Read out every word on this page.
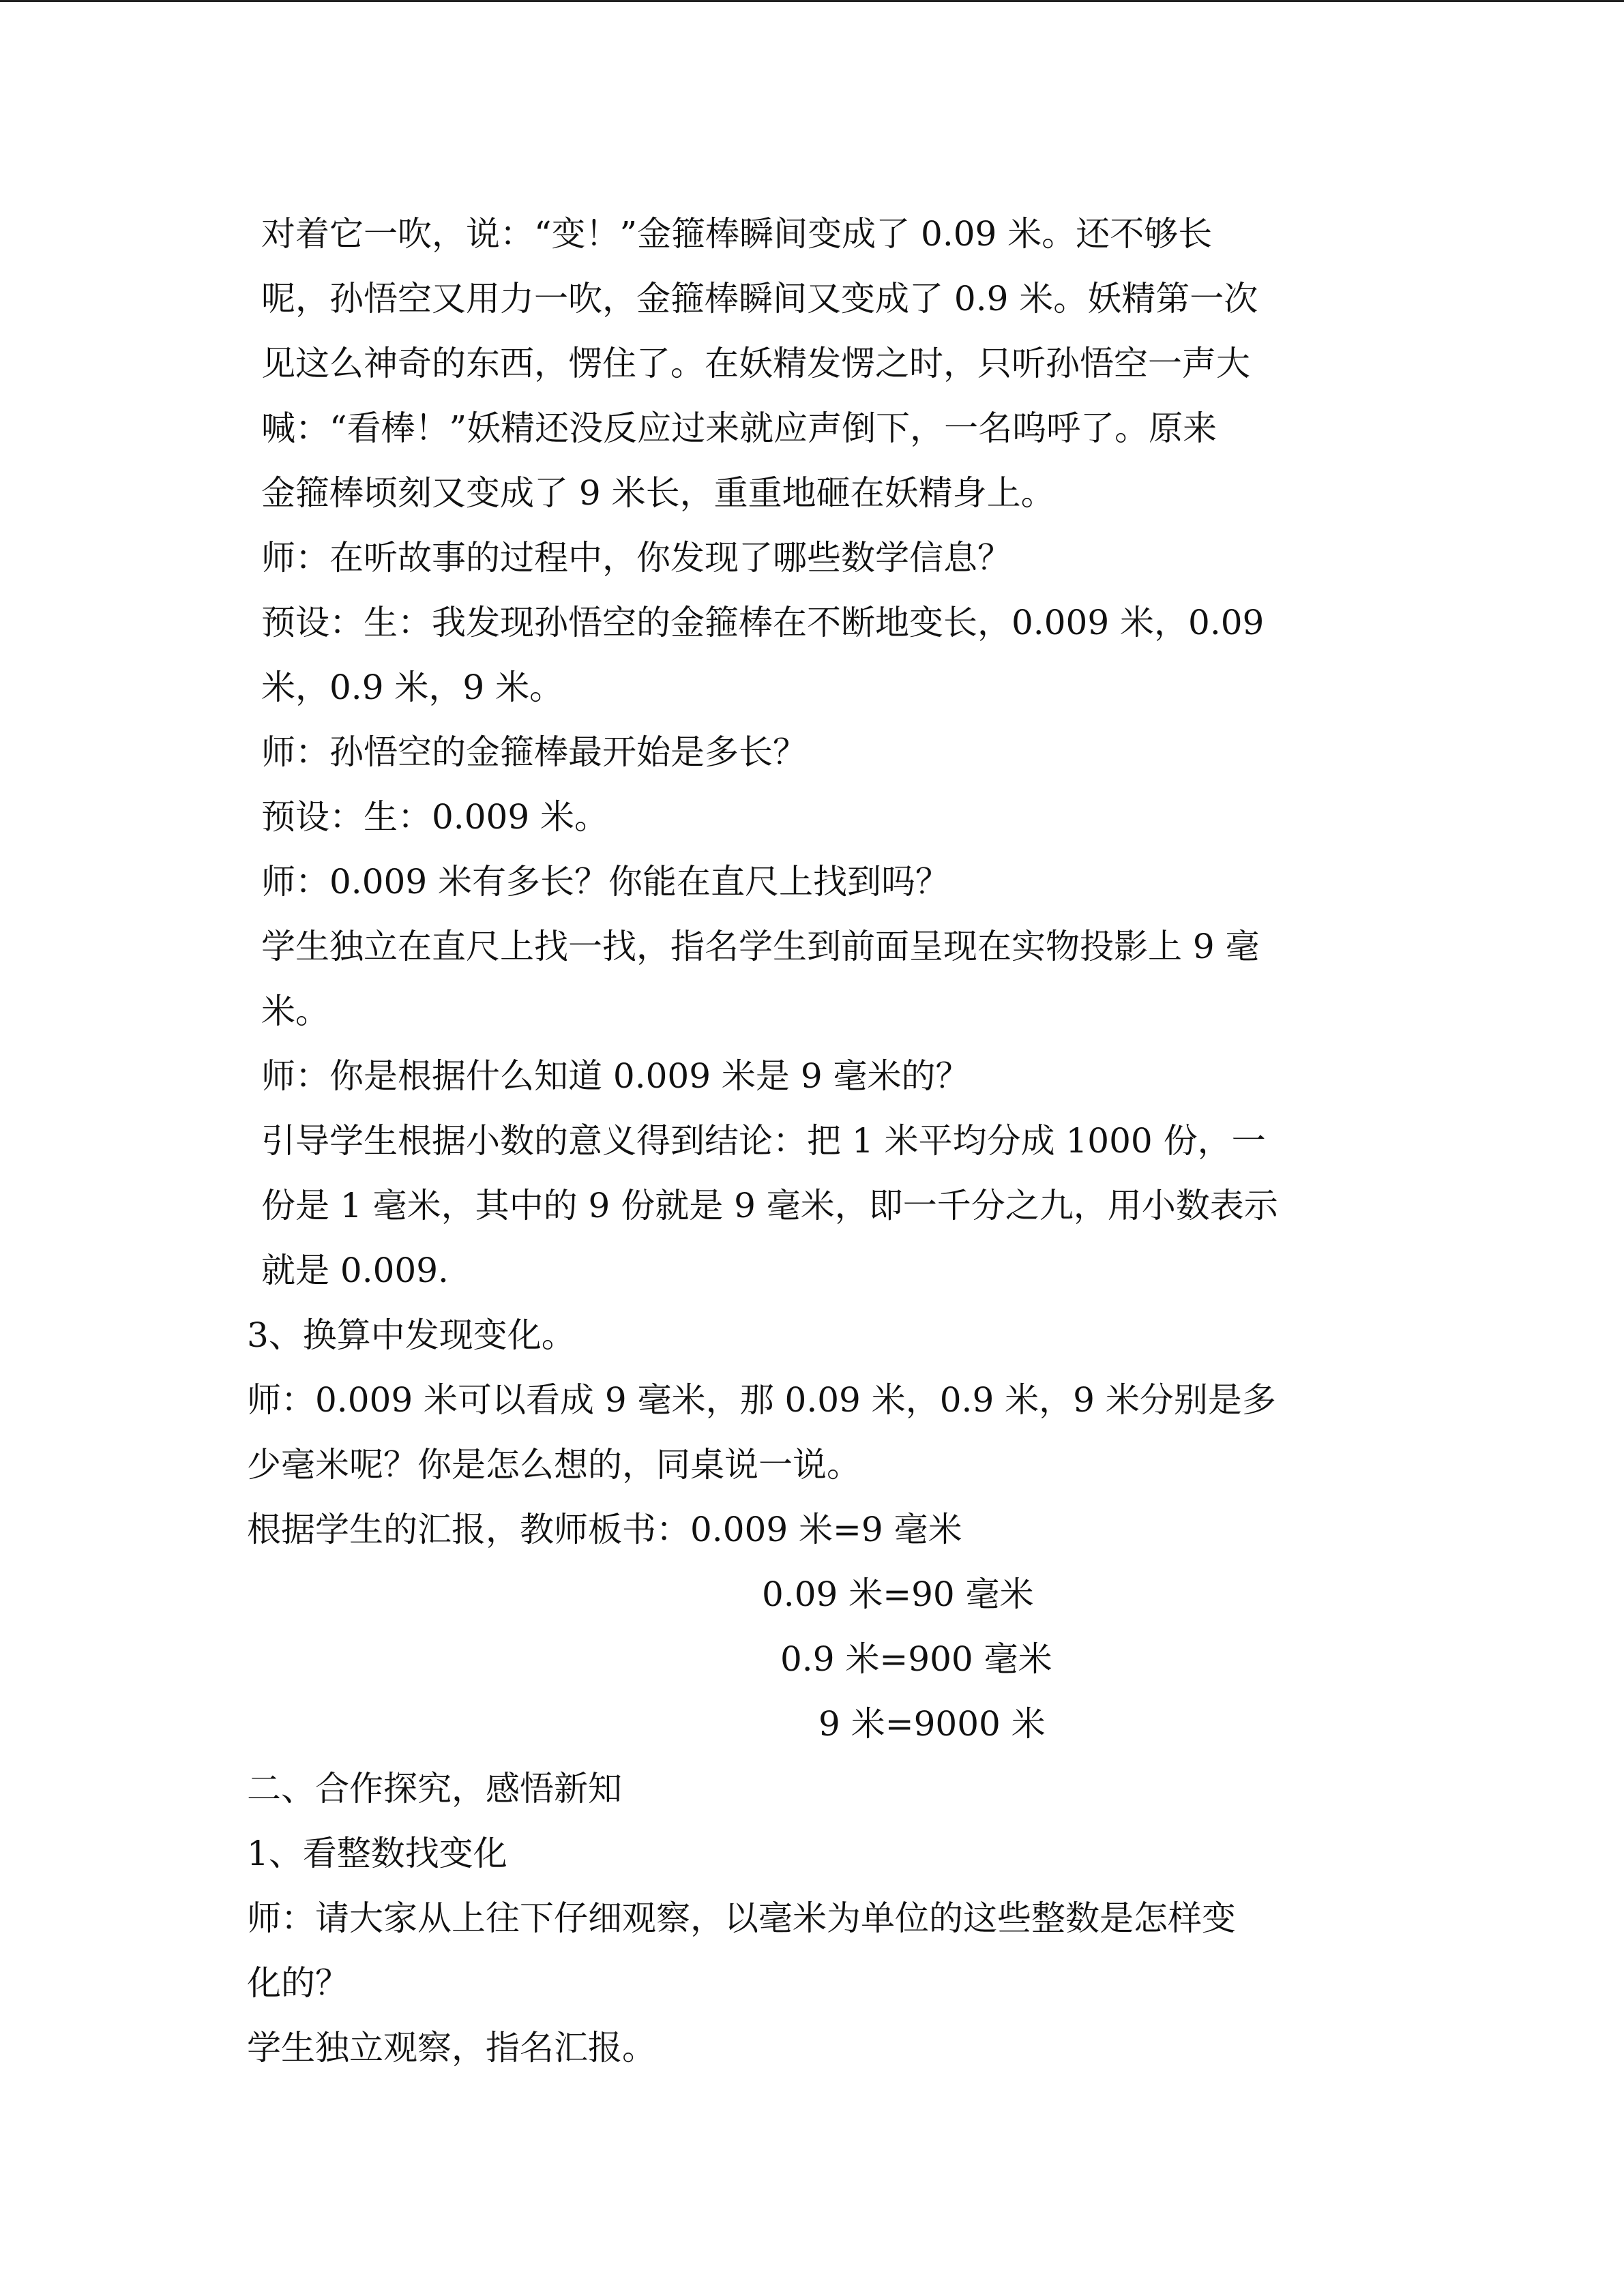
对着它一吹，说：“变！”金箍棒瞬间变成了 0.09 米。还不够长
呢，孙悟空又用力一吹，金箍棒瞬间又变成了 0.9 米。妖精第一次
见这么神奇的东西，愣住了。在妖精发愣之时，只听孙悟空一声大
喊：“看棒！”妖精还没反应过来就应声倒下，一名呜呼了。原来
金箍棒顷刻又变成了 9 米长，重重地砸在妖精身上。
师：在听故事的过程中，你发现了哪些数学信息？
预设：生：我发现孙悟空的金箍棒在不断地变长，0.009 米，0.09
米，0.9 米，9 米。
师：孙悟空的金箍棒最开始是多长？
预设：生：0.009 米。
师：0.009 米有多长？你能在直尺上找到吗？
学生独立在直尺上找一找，指名学生到前面呈现在实物投影上 9 毫
米。
师：你是根据什么知道 0.009 米是 9 毫米的？
引导学生根据小数的意义得到结论：把 1 米平均分成 1000 份，一
份是 1 毫米，其中的 9 份就是 9 毫米，即一千分之九，用小数表示
就是 0.009.
3、换算中发现变化。
师：0.009 米可以看成 9 毫米，那 0.09 米，0.9 米，9 米分别是多
少毫米呢？你是怎么想的，同桌说一说。
根据学生的汇报，教师板书：0.009 米=9 毫米
0.09 米=90 毫米
0.9 米=900 毫米
9 米=9000 米
二、合作探究，感悟新知
1、看整数找变化
师：请大家从上往下仔细观察，以毫米为单位的这些整数是怎样变
化的？
学生独立观察，指名汇报。
